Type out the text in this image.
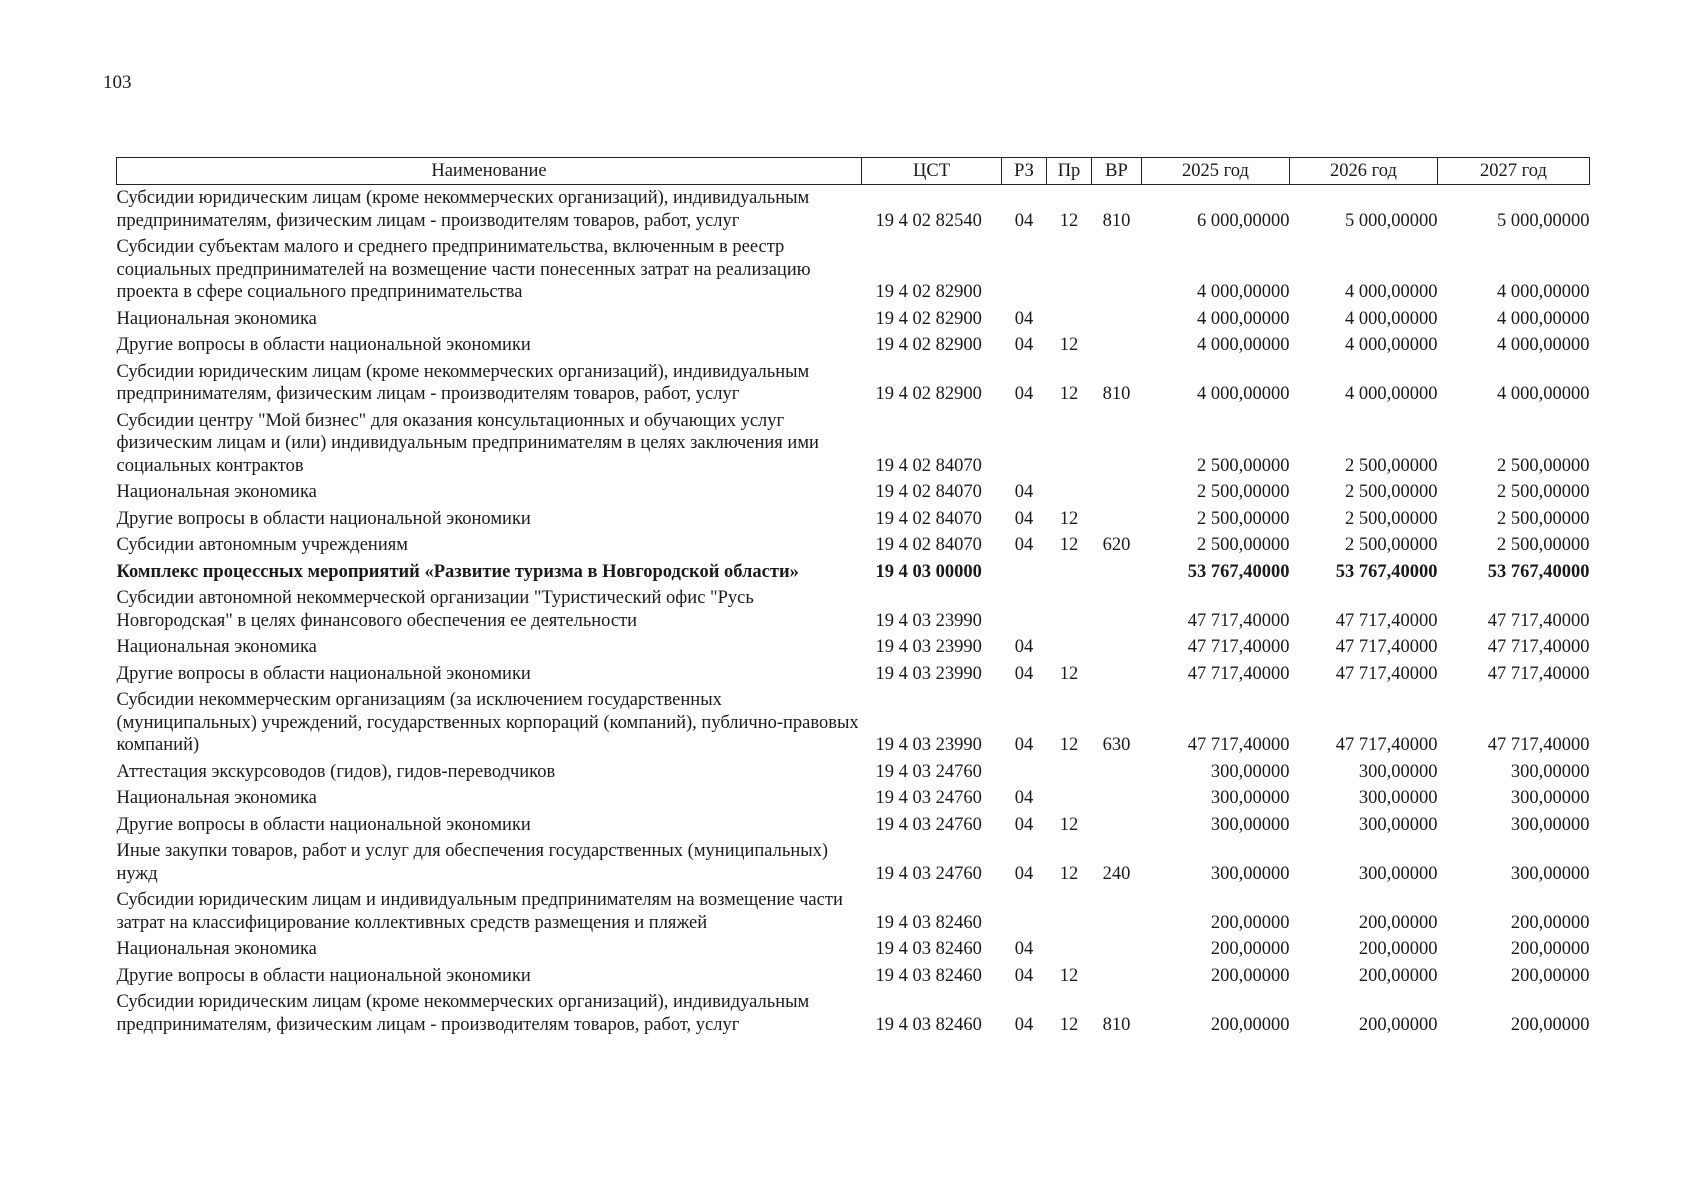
103
Наименование	ЦСТ	РЗ	Пр	ВР	2025 год	2026 год	2027 год
Субсидии юридическим лицам (кроме некоммерческих организаций), индивидуальным предпринимателям, физическим лицам - производителям товаров, работ, услуг	19 4 02 82540	04	12	810	6 000,00000	5 000,00000	5 000,00000
Субсидии субъектам малого и среднего предпринимательства, включенным в реестр социальных предпринимателей на возмещение части понесенных затрат на реализацию проекта в сфере социального предпринимательства	19 4 02 82900				4 000,00000	4 000,00000	4 000,00000
Национальная экономика	19 4 02 82900	04			4 000,00000	4 000,00000	4 000,00000
Другие вопросы в области национальной экономики	19 4 02 82900	04	12		4 000,00000	4 000,00000	4 000,00000
Субсидии юридическим лицам (кроме некоммерческих организаций), индивидуальным предпринимателям, физическим лицам - производителям товаров, работ, услуг	19 4 02 82900	04	12	810	4 000,00000	4 000,00000	4 000,00000
Субсидии центру "Мой бизнес" для оказания консультационных и обучающих услуг физическим лицам и (или) индивидуальным предпринимателям в целях заключения ими социальных контрактов	19 4 02 84070				2 500,00000	2 500,00000	2 500,00000
Национальная экономика	19 4 02 84070	04			2 500,00000	2 500,00000	2 500,00000
Другие вопросы в области национальной экономики	19 4 02 84070	04	12		2 500,00000	2 500,00000	2 500,00000
Субсидии автономным учреждениям	19 4 02 84070	04	12	620	2 500,00000	2 500,00000	2 500,00000
Комплекс процессных мероприятий «Развитие туризма в Новгородской области»	19 4 03 00000				53 767,40000	53 767,40000	53 767,40000
Субсидии автономной некоммерческой организации "Туристический офис "Русь Новгородская" в целях финансового обеспечения ее деятельности	19 4 03 23990				47 717,40000	47 717,40000	47 717,40000
Национальная экономика	19 4 03 23990	04			47 717,40000	47 717,40000	47 717,40000
Другие вопросы в области национальной экономики	19 4 03 23990	04	12		47 717,40000	47 717,40000	47 717,40000
Субсидии некоммерческим организациям (за исключением государственных (муниципальных) учреждений, государственных корпораций (компаний), публично-правовых компаний)	19 4 03 23990	04	12	630	47 717,40000	47 717,40000	47 717,40000
Аттестация экскурсоводов (гидов), гидов-переводчиков	19 4 03 24760				300,00000	300,00000	300,00000
Национальная экономика	19 4 03 24760	04			300,00000	300,00000	300,00000
Другие вопросы в области национальной экономики	19 4 03 24760	04	12		300,00000	300,00000	300,00000
Иные закупки товаров, работ и услуг для обеспечения государственных (муниципальных) нужд	19 4 03 24760	04	12	240	300,00000	300,00000	300,00000
Субсидии юридическим лицам и индивидуальным предпринимателям на возмещение части затрат на классифицирование коллективных средств размещения и пляжей	19 4 03 82460				200,00000	200,00000	200,00000
Национальная экономика	19 4 03 82460	04			200,00000	200,00000	200,00000
Другие вопросы в области национальной экономики	19 4 03 82460	04	12		200,00000	200,00000	200,00000
Субсидии юридическим лицам (кроме некоммерческих организаций), индивидуальным предпринимателям, физическим лицам - производителям товаров, работ, услуг	19 4 03 82460	04	12	810	200,00000	200,00000	200,00000
